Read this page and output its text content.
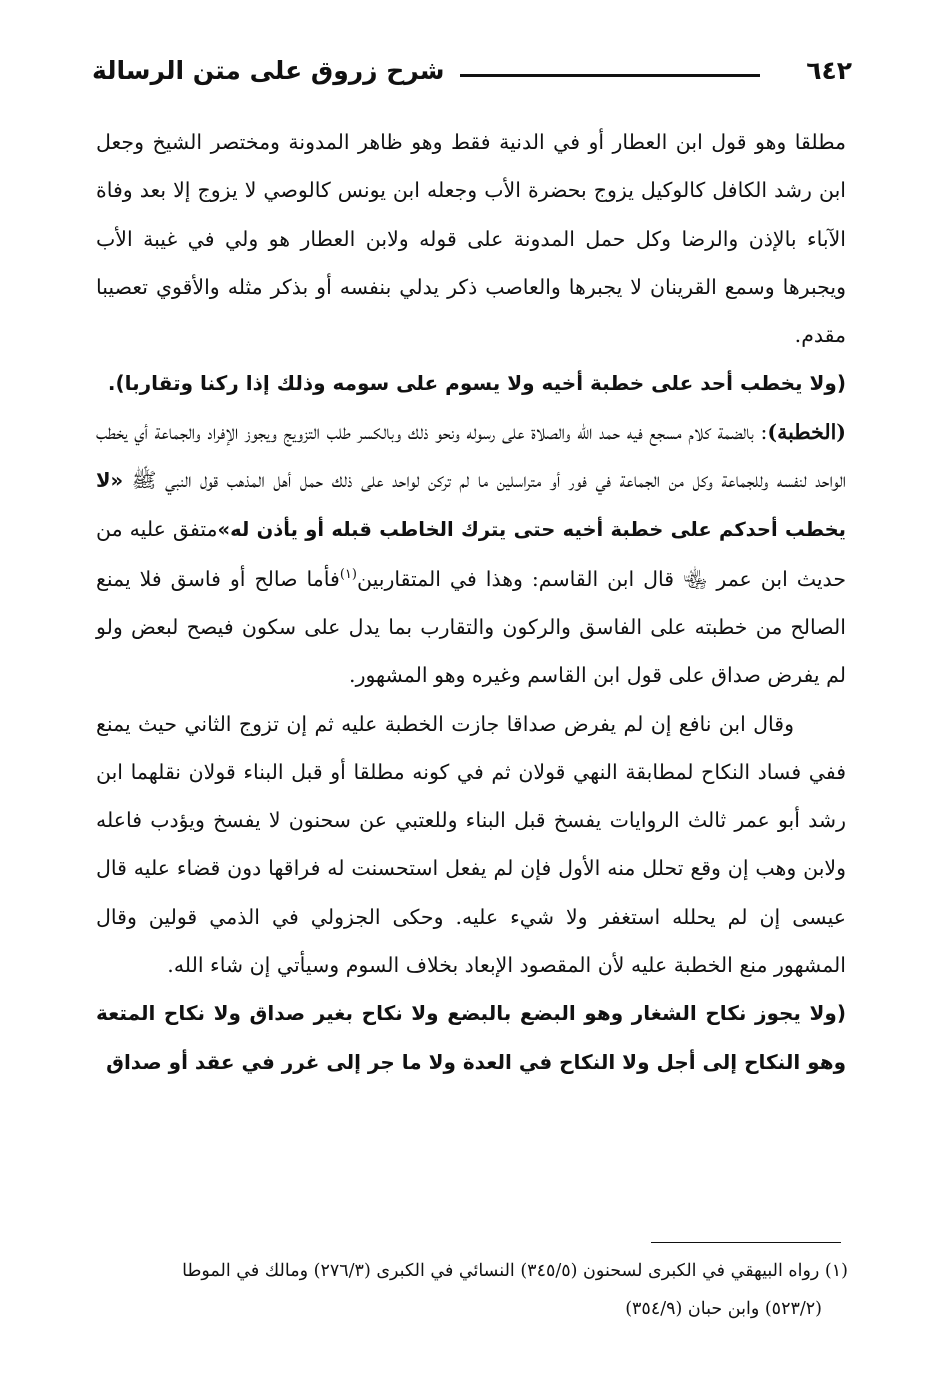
٦٤٢
شرح زروق على متن الرسالة

مطلقا وهو قول ابن العطار أو في الدنية فقط وهو ظاهر المدونة ومختصر الشيخ وجعل ابن رشد الكافل كالوكيل يزوج بحضرة الأب وجعله ابن يونس كالوصي لا يزوج إلا بعد وفاة الآباء بالإذن والرضا وكل حمل المدونة على قوله ولابن العطار هو ولي في غيبة الأب ويجبرها وسمع القرينان لا يجبرها والعاصب ذكر يدلي بنفسه أو بذكر مثله والأقوي تعصيبا مقدم.

(ولا يخطب أحد على خطبة أخيه ولا يسوم على سومه وذلك إذا ركنا وتقاربا).

(الخطبة): بالضمة كلام مسجع فيه حمد الله والصلاة على رسوله ونحو ذلك وبالكسر طلب التزويج ويجوز الإفراد والجماعة أي يخطب الواحد لنفسه وللجماعة وكل من الجماعة في فور أو متراسلين ما لم تركن لواحد على ذلك حمل أهل المذهب قول النبي ﷺ «لا يخطب أحدكم على خطبة أخيه حتى يترك الخاطب قبله أو يأذن له»متفق عليه من حديث ابن عمر ﵄ قال ابن القاسم: وهذا في المتقاربين$^{(١)}$فأما صالح أو فاسق فلا يمنع الصالح من خطبته على الفاسق والركون والتقارب بما يدل على سكون فيصح لبعض ولو لم يفرض صداق على قول ابن القاسم وغيره وهو المشهور.

وقال ابن نافع إن لم يفرض صداقا جازت الخطبة عليه ثم إن تزوج الثاني حيث يمنع ففي فساد النكاح لمطابقة النهي قولان ثم في كونه مطلقا أو قبل البناء قولان نقلهما ابن رشد أبو عمر ثالث الروايات يفسخ قبل البناء وللعتبي عن سحنون لا يفسخ ويؤدب فاعله ولابن وهب إن وقع تحلل منه الأول فإن لم يفعل استحسنت له فراقها دون قضاء عليه قال عيسى إن لم يحلله استغفر ولا شيء عليه. وحكى الجزولي في الذمي قولين وقال المشهور منع الخطبة عليه لأن المقصود الإبعاد بخلاف السوم وسيأتي إن شاء الله.

(ولا يجوز نكاح الشغار وهو البضع بالبضع ولا نكاح بغير صداق ولا نكاح المتعة وهو النكاح إلى أجل ولا النكاح في العدة ولا ما جر إلى غرر في عقد أو صداق

(١) رواه البيهقي في الكبرى لسحنون (٣٤٥/٥) النسائي في الكبرى (٢٧٦/٣) ومالك في الموطا

(٥٢٣/٢) وابن حبان (٣٥٤/٩)
